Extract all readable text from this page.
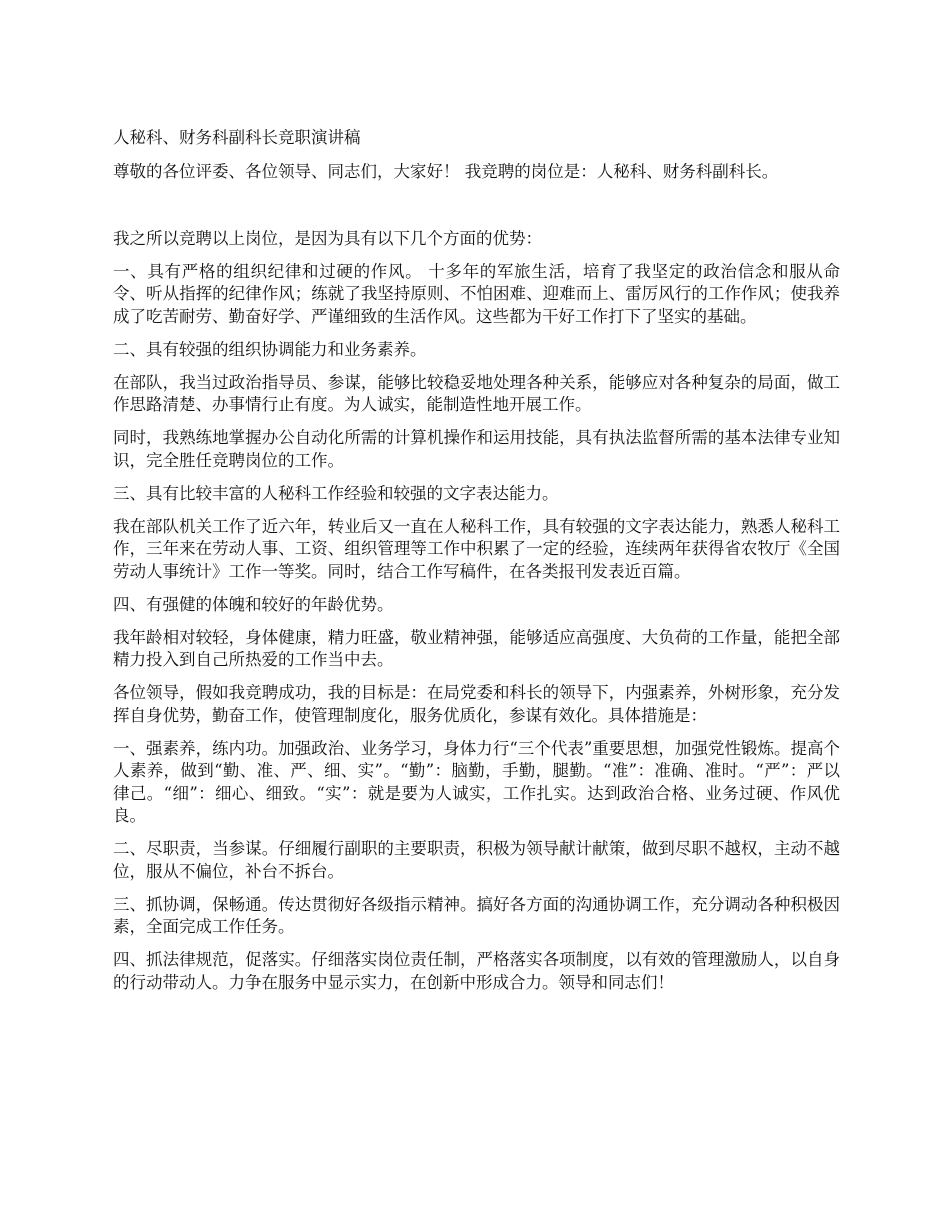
人秘科、财务科副科长竞职演讲稿

尊敬的各位评委、各位领导、同志们，大家好！ 我竞聘的岗位是：人秘科、财务科副科长。

我之所以竞聘以上岗位，是因为具有以下几个方面的优势：

一、具有严格的组织纪律和过硬的作风。 十多年的军旅生活，培育了我坚定的政治信念和服从命令、听从指挥的纪律作风；练就了我坚持原则、不怕困难、迎难而上、雷厉风行的工作作风；使我养成了吃苦耐劳、勤奋好学、严谨细致的生活作风。这些都为干好工作打下了坚实的基础。

二、具有较强的组织协调能力和业务素养。

在部队，我当过政治指导员、参谋，能够比较稳妥地处理各种关系，能够应对各种复杂的局面，做工作思路清楚、办事情行止有度。为人诚实，能制造性地开展工作。

同时，我熟练地掌握办公自动化所需的计算机操作和运用技能，具有执法监督所需的基本法律专业知识，完全胜任竞聘岗位的工作。

三、具有比较丰富的人秘科工作经验和较强的文字表达能力。

我在部队机关工作了近六年，转业后又一直在人秘科工作，具有较强的文字表达能力，熟悉人秘科工作，三年来在劳动人事、工资、组织管理等工作中积累了一定的经验，连续两年获得省农牧厅《全国劳动人事统计》工作一等奖。同时，结合工作写稿件，在各类报刊发表近百篇。

四、有强健的体魄和较好的年龄优势。

我年龄相对较轻，身体健康，精力旺盛，敬业精神强，能够适应高强度、大负荷的工作量，能把全部精力投入到自己所热爱的工作当中去。

各位领导，假如我竞聘成功，我的目标是：在局党委和科长的领导下，内强素养，外树形象，充分发挥自身优势，勤奋工作，使管理制度化，服务优质化，参谋有效化。具体措施是：

一、强素养，练内功。加强政治、业务学习，身体力行“三个代表”重要思想，加强党性锻炼。提高个人素养，做到“勤、准、严、细、实”。“勤”：脑勤，手勤，腿勤。“准”：准确、准时。“严”：严以律己。“细”：细心、细致。“实”：就是要为人诚实，工作扎实。达到政治合格、业务过硬、作风优良。

二、尽职责，当参谋。仔细履行副职的主要职责，积极为领导献计献策，做到尽职不越权，主动不越位，服从不偏位，补台不拆台。

三、抓协调，保畅通。传达贯彻好各级指示精神。搞好各方面的沟通协调工作，充分调动各种积极因素，全面完成工作任务。

四、抓法律规范，促落实。仔细落实岗位责任制，严格落实各项制度，以有效的管理激励人，以自身的行动带动人。力争在服务中显示实力，在创新中形成合力。领导和同志们！
